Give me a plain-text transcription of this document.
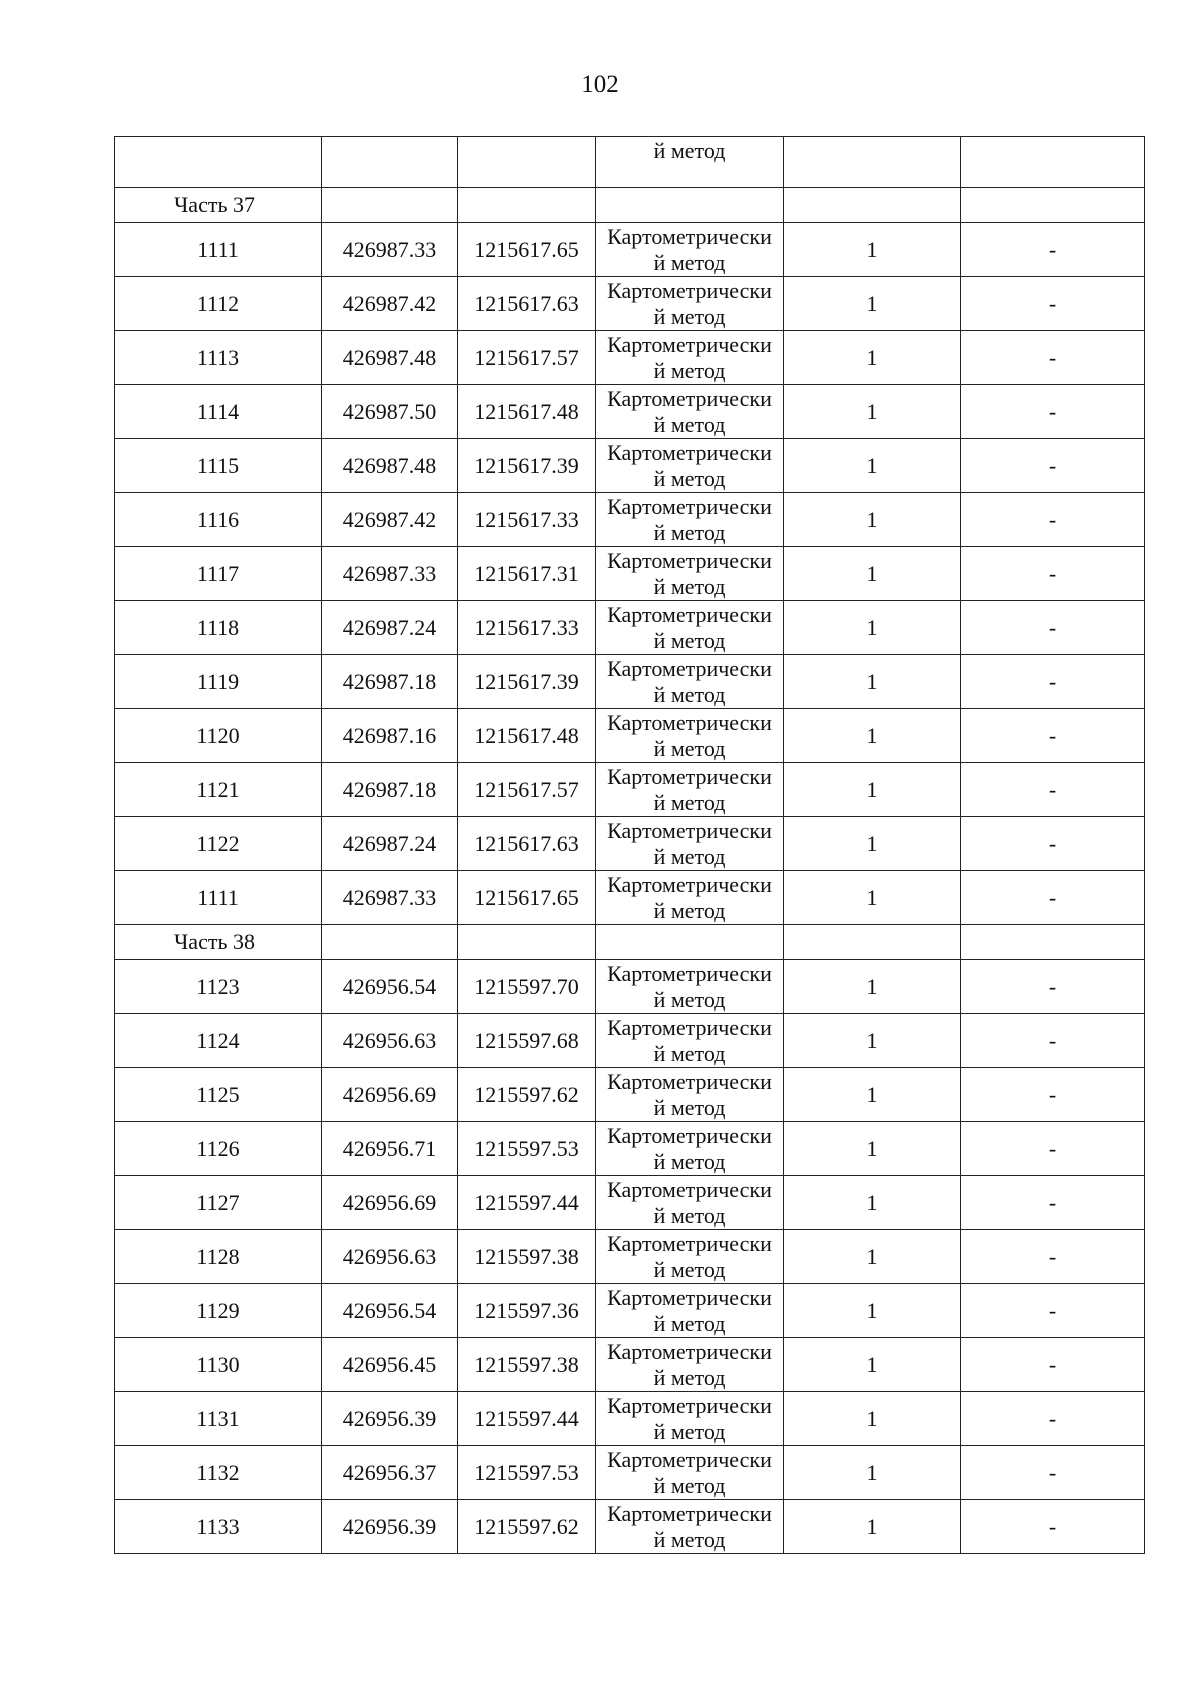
102
			й метод		
Часть 37					
1111	426987.33	1215617.65	Картометрически
й метод	1	-
1112	426987.42	1215617.63	Картометрически
й метод	1	-
1113	426987.48	1215617.57	Картометрически
й метод	1	-
1114	426987.50	1215617.48	Картометрически
й метод	1	-
1115	426987.48	1215617.39	Картометрически
й метод	1	-
1116	426987.42	1215617.33	Картометрически
й метод	1	-
1117	426987.33	1215617.31	Картометрически
й метод	1	-
1118	426987.24	1215617.33	Картометрически
й метод	1	-
1119	426987.18	1215617.39	Картометрически
й метод	1	-
1120	426987.16	1215617.48	Картометрически
й метод	1	-
1121	426987.18	1215617.57	Картометрически
й метод	1	-
1122	426987.24	1215617.63	Картометрически
й метод	1	-
1111	426987.33	1215617.65	Картометрически
й метод	1	-
Часть 38					
1123	426956.54	1215597.70	Картометрически
й метод	1	-
1124	426956.63	1215597.68	Картометрически
й метод	1	-
1125	426956.69	1215597.62	Картометрически
й метод	1	-
1126	426956.71	1215597.53	Картометрически
й метод	1	-
1127	426956.69	1215597.44	Картометрически
й метод	1	-
1128	426956.63	1215597.38	Картометрически
й метод	1	-
1129	426956.54	1215597.36	Картометрически
й метод	1	-
1130	426956.45	1215597.38	Картометрически
й метод	1	-
1131	426956.39	1215597.44	Картометрически
й метод	1	-
1132	426956.37	1215597.53	Картометрически
й метод	1	-
1133	426956.39	1215597.62	Картометрически
й метод	1	-
